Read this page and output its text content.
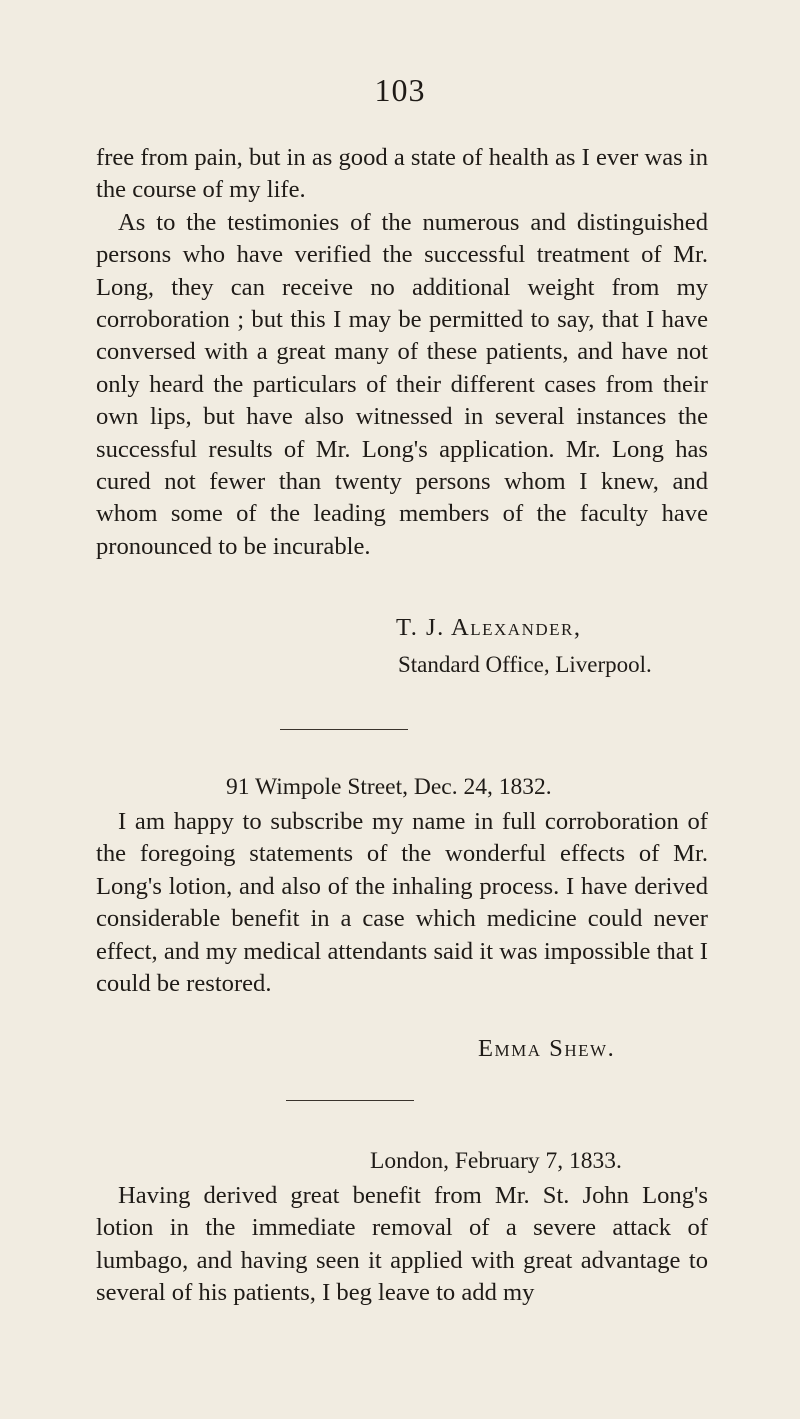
103

free from pain, but in as good a state of health as I ever was in the course of my life.

As to the testimonies of the numerous and distinguished persons who have verified the successful treatment of Mr. Long, they can receive no additional weight from my corroboration ; but this I may be permitted to say, that I have conversed with a great many of these patients, and have not only heard the particulars of their different cases from their own lips, but have also witnessed in several instances the successful results of Mr. Long's application. Mr. Long has cured not fewer than twenty persons whom I knew, and whom some of the leading members of the faculty have pronounced to be incurable.

T. J. Alexander,
Standard Office, Liverpool.
91 Wimpole Street, Dec. 24, 1832.

I am happy to subscribe my name in full corroboration of the foregoing statements of the wonderful effects of Mr. Long's lotion, and also of the inhaling process. I have derived considerable benefit in a case which medicine could never effect, and my medical attendants said it was impossible that I could be restored.

Emma Shew.
London, February 7, 1833.

Having derived great benefit from Mr. St. John Long's lotion in the immediate removal of a severe attack of lumbago, and having seen it applied with great advantage to several of his patients, I beg leave to add my
